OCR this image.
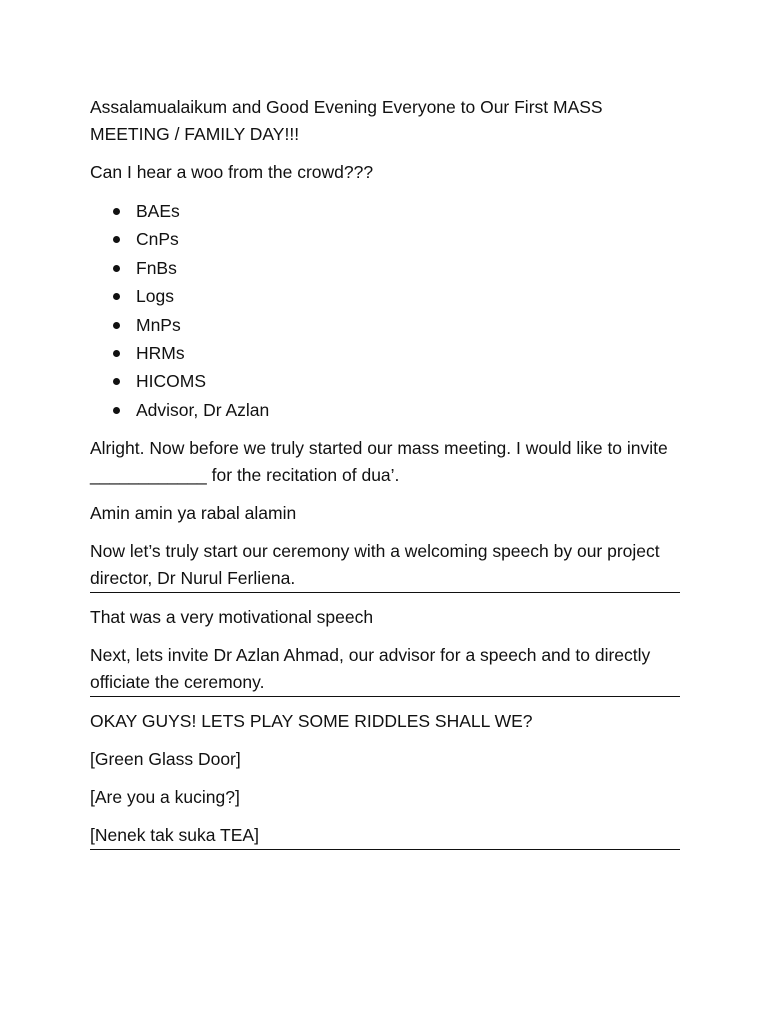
Assalamualaikum and Good Evening Everyone to Our First MASS MEETING / FAMILY DAY!!!

Can I hear a woo from the crowd???

BAEs
CnPs
FnBs
Logs
MnPs
HRMs
HICOMS
Advisor, Dr Azlan

Alright. Now before we truly started our mass meeting. I would like to invite ____________ for the recitation of dua’.

Amin amin ya rabal alamin

Now let’s truly start our ceremony with a welcoming speech by our project director, Dr Nurul Ferliena.

That was a very motivational speech

Next, lets invite Dr Azlan Ahmad, our advisor for a speech and to directly officiate the ceremony.

OKAY GUYS! LETS PLAY SOME RIDDLES SHALL WE?

[Green Glass Door]

[Are you a kucing?]

[Nenek tak suka TEA]
